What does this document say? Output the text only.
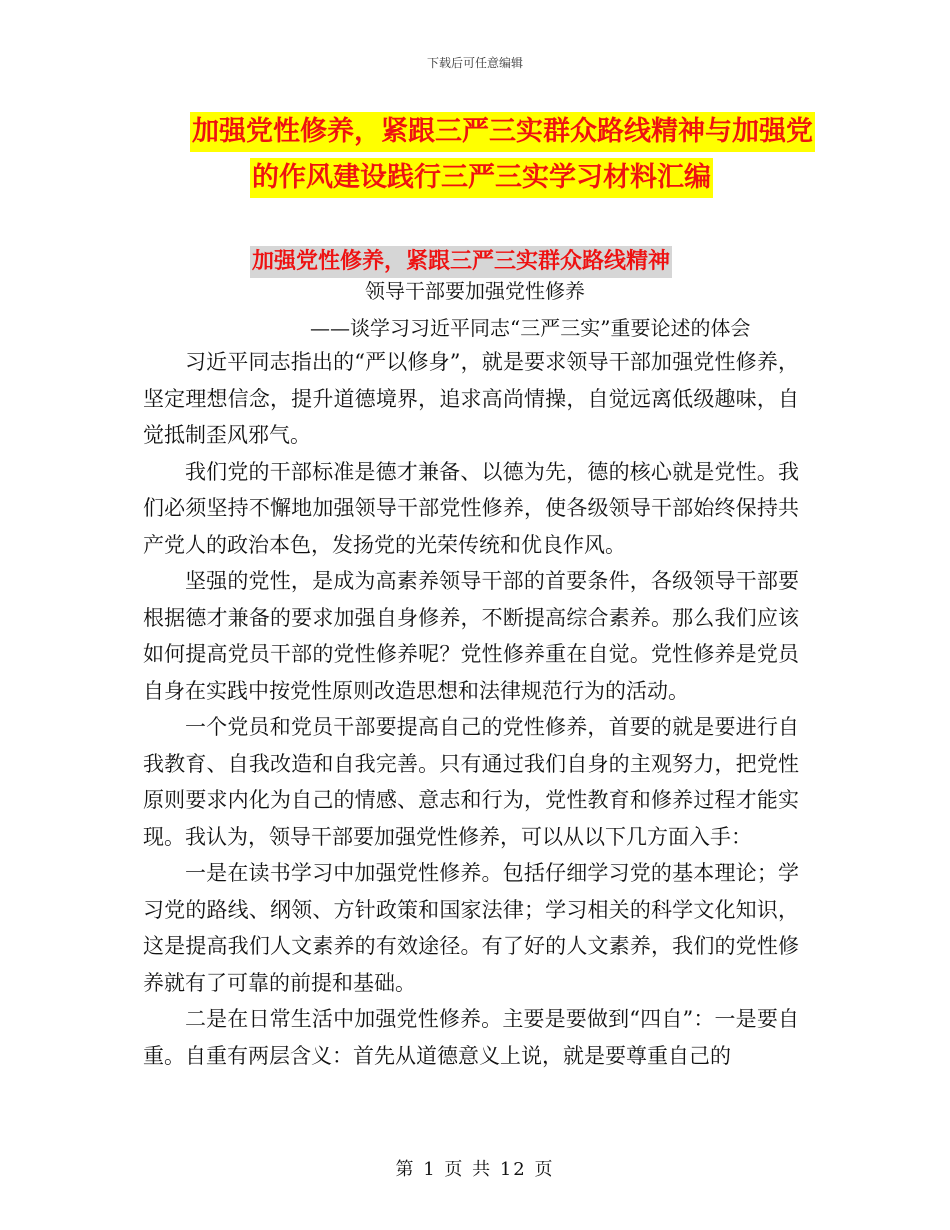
下载后可任意编辑
加强党性修养，紧跟三严三实群众路线精神与加强党
的作风建设践行三严三实学习材料汇编
加强党性修养，紧跟三严三实群众路线精神
领导干部要加强党性修养
——谈学习习近平同志“三严三实”重要论述的体会

习近平同志指出的“严以修身”，就是要求领导干部加强党性修养，坚定理想信念，提升道德境界，追求高尚情操，自觉远离低级趣味，自觉抵制歪风邪气。

我们党的干部标准是德才兼备、以德为先，德的核心就是党性。我们必须坚持不懈地加强领导干部党性修养，使各级领导干部始终保持共产党人的政治本色，发扬党的光荣传统和优良作风。

坚强的党性，是成为高素养领导干部的首要条件，各级领导干部要根据德才兼备的要求加强自身修养，不断提高综合素养。那么我们应该如何提高党员干部的党性修养呢？党性修养重在自觉。党性修养是党员自身在实践中按党性原则改造思想和法律规范行为的活动。

一个党员和党员干部要提高自己的党性修养，首要的就是要进行自我教育、自我改造和自我完善。只有通过我们自身的主观努力，把党性原则要求内化为自己的情感、意志和行为，党性教育和修养过程才能实现。我认为，领导干部要加强党性修养，可以从以下几方面入手：

一是在读书学习中加强党性修养。包括仔细学习党的基本理论；学习党的路线、纲领、方针政策和国家法律；学习相关的科学文化知识，这是提高我们人文素养的有效途径。有了好的人文素养，我们的党性修养就有了可靠的前提和基础。

二是在日常生活中加强党性修养。主要是要做到“四自”：一是要自重。自重有两层含义：首先从道德意义上说，就是要尊重自己的

第 1 页 共 12 页
